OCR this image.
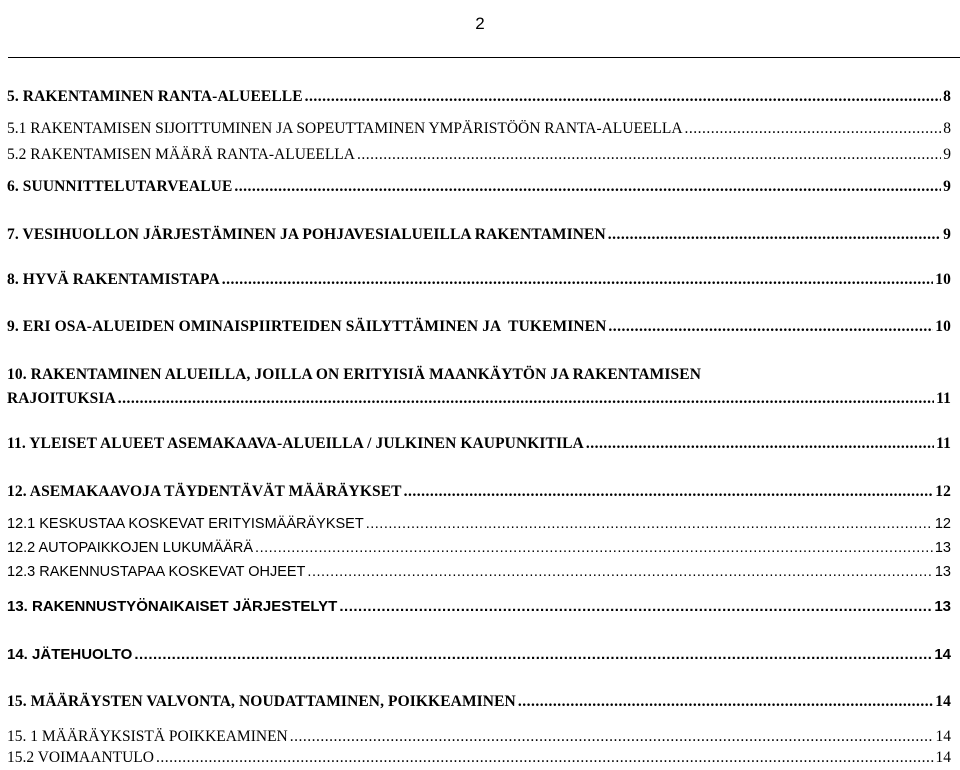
2
5. RAKENTAMINEN RANTA-ALUEELLE .....	8
5.1 RAKENTAMISEN SIJOITTUMINEN JA SOPEUTTAMINEN YMPÄRISTÖÖN RANTA-ALUEELLA .....	8
5.2 RAKENTAMISEN MÄÄRÄ RANTA-ALUEELLA .....	9
6. SUUNNITTELUTARVEALUE .....	9
7. VESIHUOLLON JÄRJESTÄMINEN JA POHJAVESIALUEILLA RAKENTAMINEN .....	9
8. HYVÄ RAKENTAMISTAPA .....	10
9. ERI OSA-ALUEIDEN OMINAISPIIRTEIDEN SÄILYTTÄMINEN JA  TUKEMINEN .....	10
10. RAKENTAMINEN ALUEILLA, JOILLA ON ERITYISIÄ MAANKÄYTÖN JA RAKENTAMISEN
RAJOITUKSIA .....	11
11. YLEISET ALUEET ASEMAKAAVA-ALUEILLA / JULKINEN KAUPUNKITILA .....	11
12. ASEMAKAAVOJA TÄYDENTÄVÄT MÄÄRÄYKSET .....	12
12.1 KESKUSTAA KOSKEVAT ERITYISMÄÄRÄYKSET .....	12
12.2 AUTOPAIKKOJEN LUKUMÄÄRÄ .....	13
12.3 RAKENNUSTAPAA KOSKEVAT OHJEET .....	13
13. RAKENNUSTYÖNAIKAISET JÄRJESTELYT .....	13
14. JÄTEHUOLTO .....	14
15. MÄÄRÄYSTEN VALVONTA, NOUDATTAMINEN, POIKKEAMINEN .....	14
15. 1 MÄÄRÄYKSISTÄ POIKKEAMINEN .....	14
15.2 VOIMAANTULO .....	14
